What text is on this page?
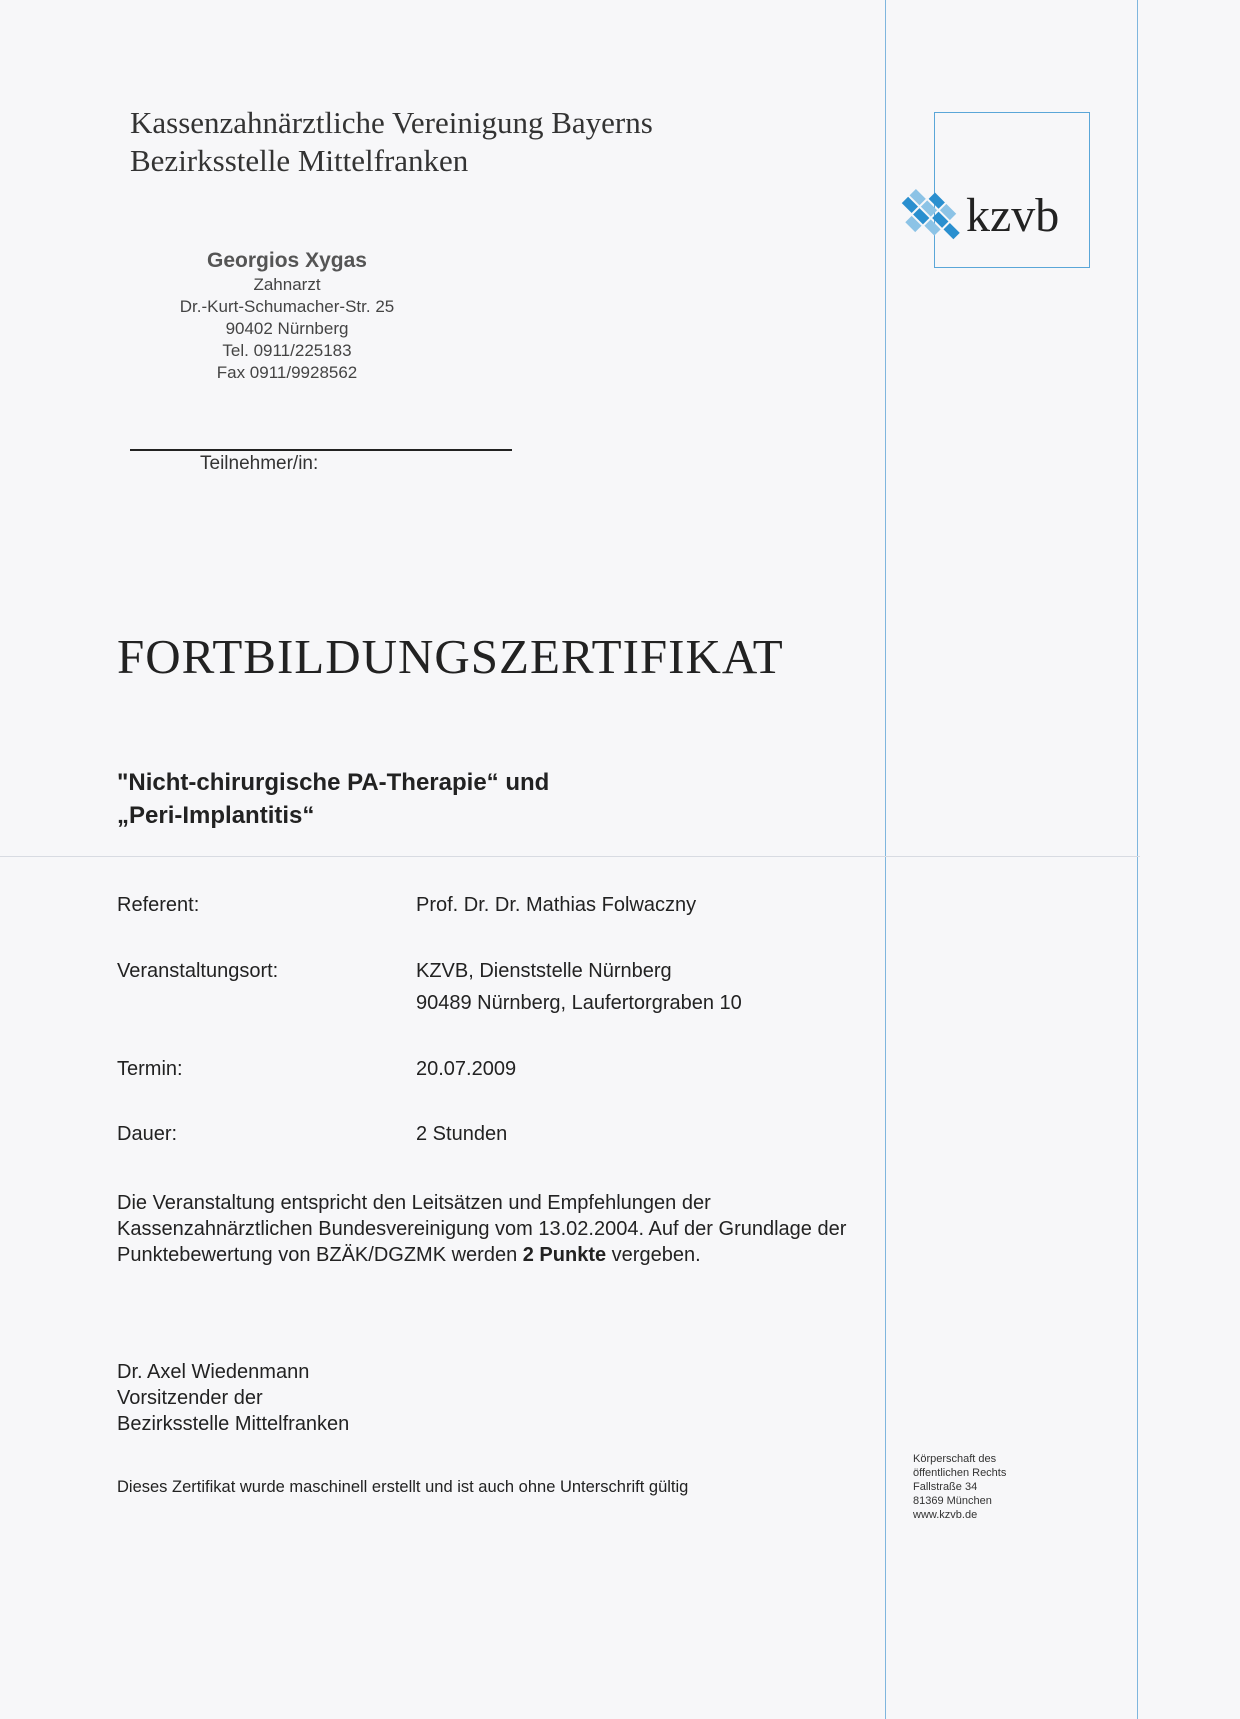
Kassenzahnärztliche Vereinigung Bayerns
Bezirksstelle Mittelfranken
Georgios Xygas
Zahnarzt
Dr.-Kurt-Schumacher-Str. 25
90402 Nürnberg
Tel. 0911/225183
Fax 0911/9928562
Teilnehmer/in:
FORTBILDUNGSZERTIFIKAT
"Nicht-chirurgische PA-Therapie“ und
„Peri-Implantitis“
Referent:	Prof. Dr. Dr. Mathias Folwaczny
Veranstaltungsort:	KZVB, Dienststelle Nürnberg
90489 Nürnberg, Laufertorgraben 10
Termin:	20.07.2009
Dauer:	2 Stunden
Die Veranstaltung entspricht den Leitsätzen und Empfehlungen der Kassenzahnärztlichen Bundesvereinigung vom 13.02.2004. Auf der Grundlage der Punktebewertung von BZÄK/DGZMK werden 2 Punkte vergeben.
Dr. Axel Wiedenmann
Vorsitzender der
Bezirksstelle Mittelfranken
Dieses Zertifikat wurde maschinell erstellt und ist auch ohne Unterschrift gültig
kzvb
Körperschaft des
öffentlichen Rechts
Fallstraße 34
81369 München
www.kzvb.de
